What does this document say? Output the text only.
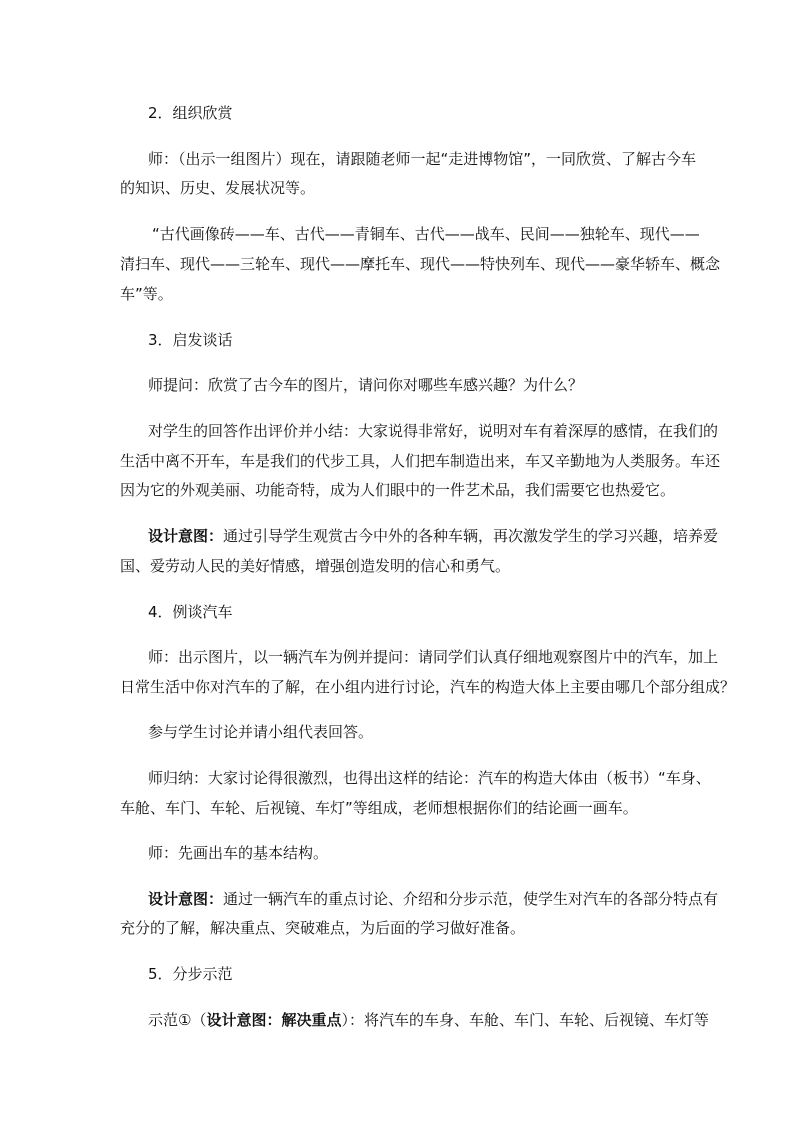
2．组织欣赏
师：（出示一组图片）现在，请跟随老师一起“走进博物馆”，一同欣赏、了解古今车
的知识、历史、发展状况等。
“古代画像砖——车、古代——青铜车、古代——战车、民间——独轮车、现代——
清扫车、现代——三轮车、现代——摩托车、现代——特快列车、现代——豪华轿车、概念
车”等。
3．启发谈话
师提问：欣赏了古今车的图片，请问你对哪些车感兴趣？为什么？
对学生的回答作出评价并小结：大家说得非常好，说明对车有着深厚的感情，在我们的
生活中离不开车，车是我们的代步工具，人们把车制造出来，车又辛勤地为人类服务。车还
因为它的外观美丽、功能奇特，成为人们眼中的一件艺术品，我们需要它也热爱它。
设计意图：通过引导学生观赏古今中外的各种车辆，再次激发学生的学习兴趣，培养爱
国、爱劳动人民的美好情感，增强创造发明的信心和勇气。
4．例谈汽车
师：出示图片，以一辆汽车为例并提问：请同学们认真仔细地观察图片中的汽车，加上
日常生活中你对汽车的了解，在小组内进行讨论，汽车的构造大体上主要由哪几个部分组成？
参与学生讨论并请小组代表回答。
师归纳：大家讨论得很激烈，也得出这样的结论：汽车的构造大体由（板书）“车身、
车舱、车门、车轮、后视镜、车灯”等组成，老师想根据你们的结论画一画车。
师：先画出车的基本结构。
设计意图：通过一辆汽车的重点讨论、介绍和分步示范，使学生对汽车的各部分特点有
充分的了解，解决重点、突破难点，为后面的学习做好准备。
5．分步示范
示范①（设计意图：解决重点）：将汽车的车身、车舱、车门、车轮、后视镜、车灯等
